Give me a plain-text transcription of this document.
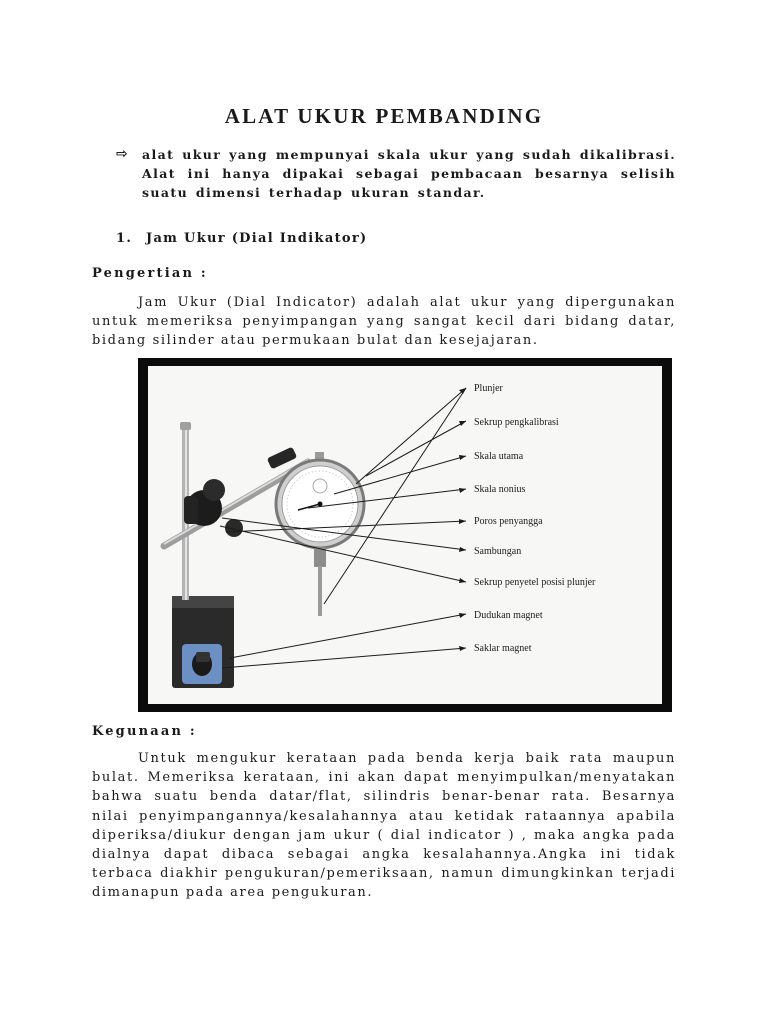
ALAT UKUR PEMBANDING
⇨ alat ukur yang mempunyai skala ukur yang sudah dikalibrasi. Alat ini hanya dipakai sebagai pembacaan besarnya selisih suatu dimensi terhadap ukuran standar.
1. Jam Ukur (Dial Indikator)
Pengertian :

Jam Ukur (Dial Indicator) adalah alat ukur yang dipergunakan untuk memeriksa penyimpangan yang sangat kecil dari bidang datar, bidang silinder atau permukaan bulat dan kesejajaran.

Plunjer
Sekrup pengkalibrasi
Skala utama
Skala nonius
Poros penyangga
Sambungan
Sekrup penyetel posisi plunjer
Dudukan magnet
Saklar magnet
Kegunaan :

Untuk mengukur kerataan pada benda kerja baik rata maupun bulat. Memeriksa kerataan, ini akan dapat menyimpulkan/menyatakan bahwa suatu benda datar/flat, silindris benar-benar rata. Besarnya nilai penyimpangannya/kesalahannya atau ketidak rataannya apabila diperiksa/diukur dengan jam ukur ( dial indicator ) , maka angka pada dialnya dapat dibaca sebagai angka kesalahannya.Angka ini tidak terbaca diakhir pengukuran/pemeriksaan, namun dimungkinkan terjadi dimanapun pada area pengukuran.
